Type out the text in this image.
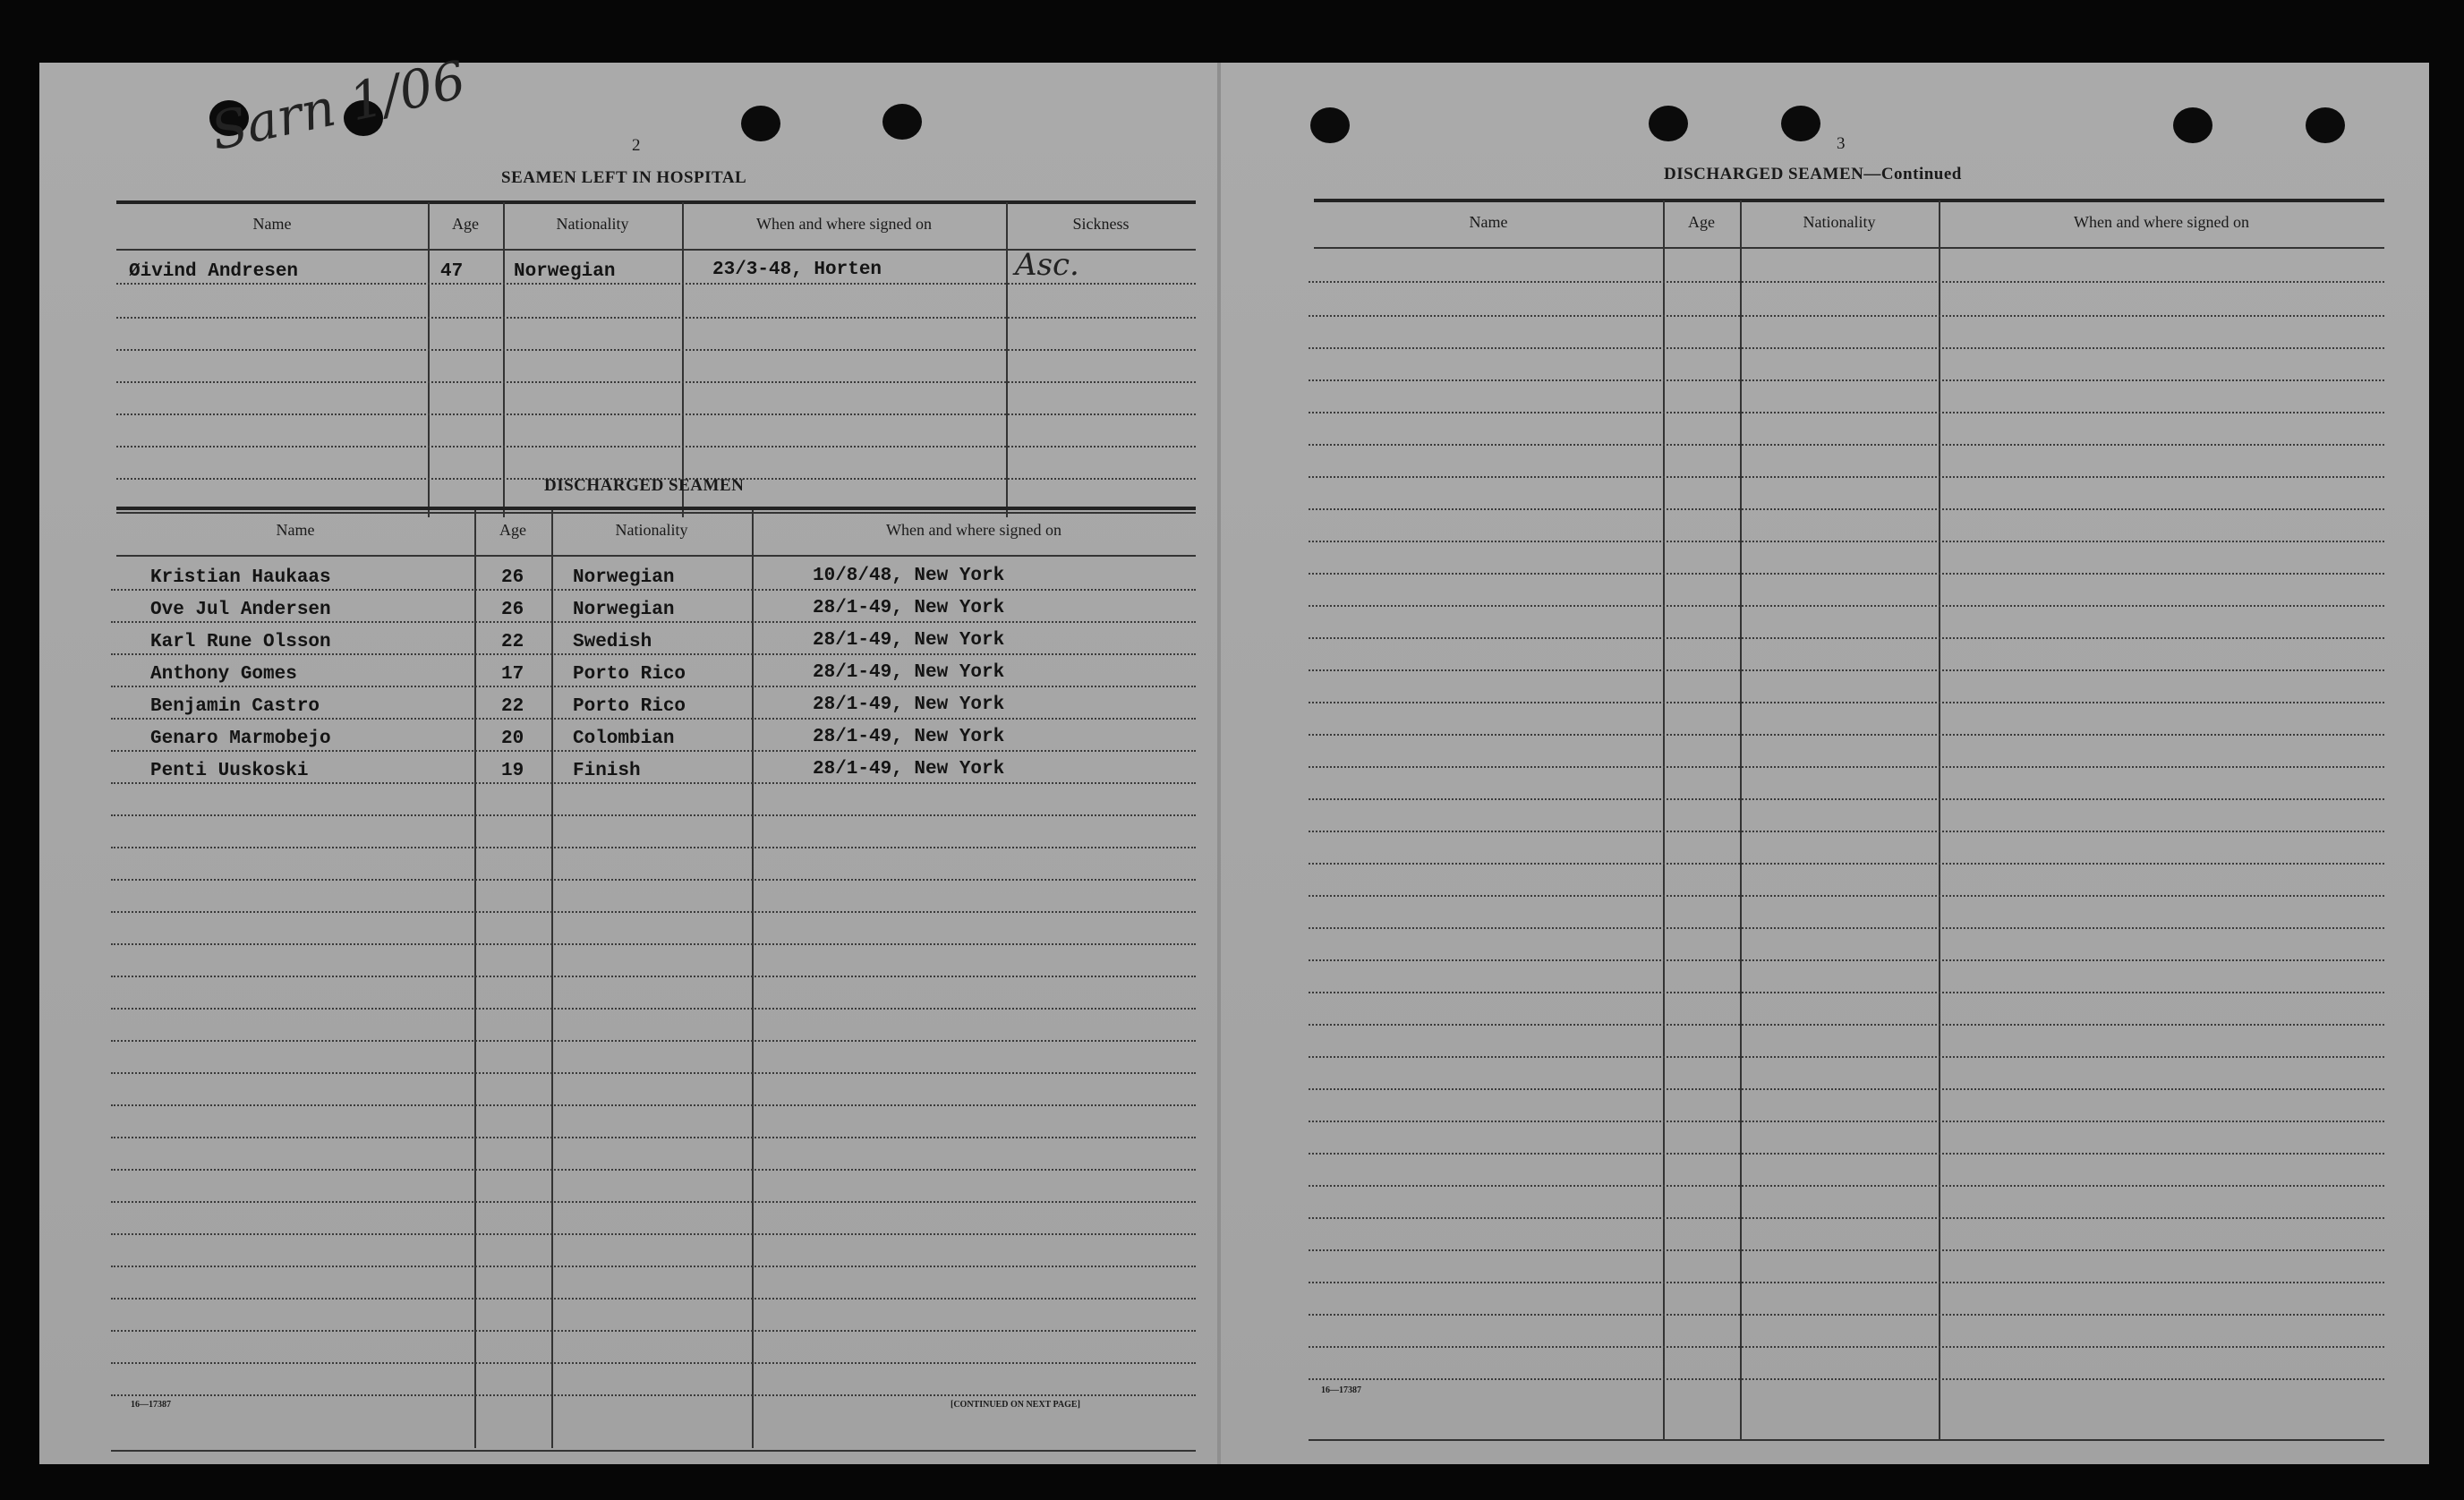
Sarn 1/06	2
SEAMEN LEFT IN HOSPITAL
Name	Age	Nationality	When and where signed on	Sickness
Øivind Andresen	47	Norwegian	23/3-48, Horten	Asc.
DISCHARGED SEAMEN
Name	Age	Nationality	When and where signed on
Kristian Haukaas	26	Norwegian	10/8/48, New York
Ove Jul Andersen	26	Norwegian	28/1-49, New York
Karl Rune Olsson	22	Swedish	28/1-49, New York
Anthony Gomes	17	Porto Rico	28/1-49, New York
Benjamin Castro	22	Porto Rico	28/1-49, New York
Genaro Marmobejo	20	Colombian	28/1-49, New York
Penti Uuskoski	19	Finish	28/1-49, New York
16—17387	[CONTINUED ON NEXT PAGE]
3
DISCHARGED SEAMEN—Continued
Name	Age	Nationality	When and where signed on
16—17387
